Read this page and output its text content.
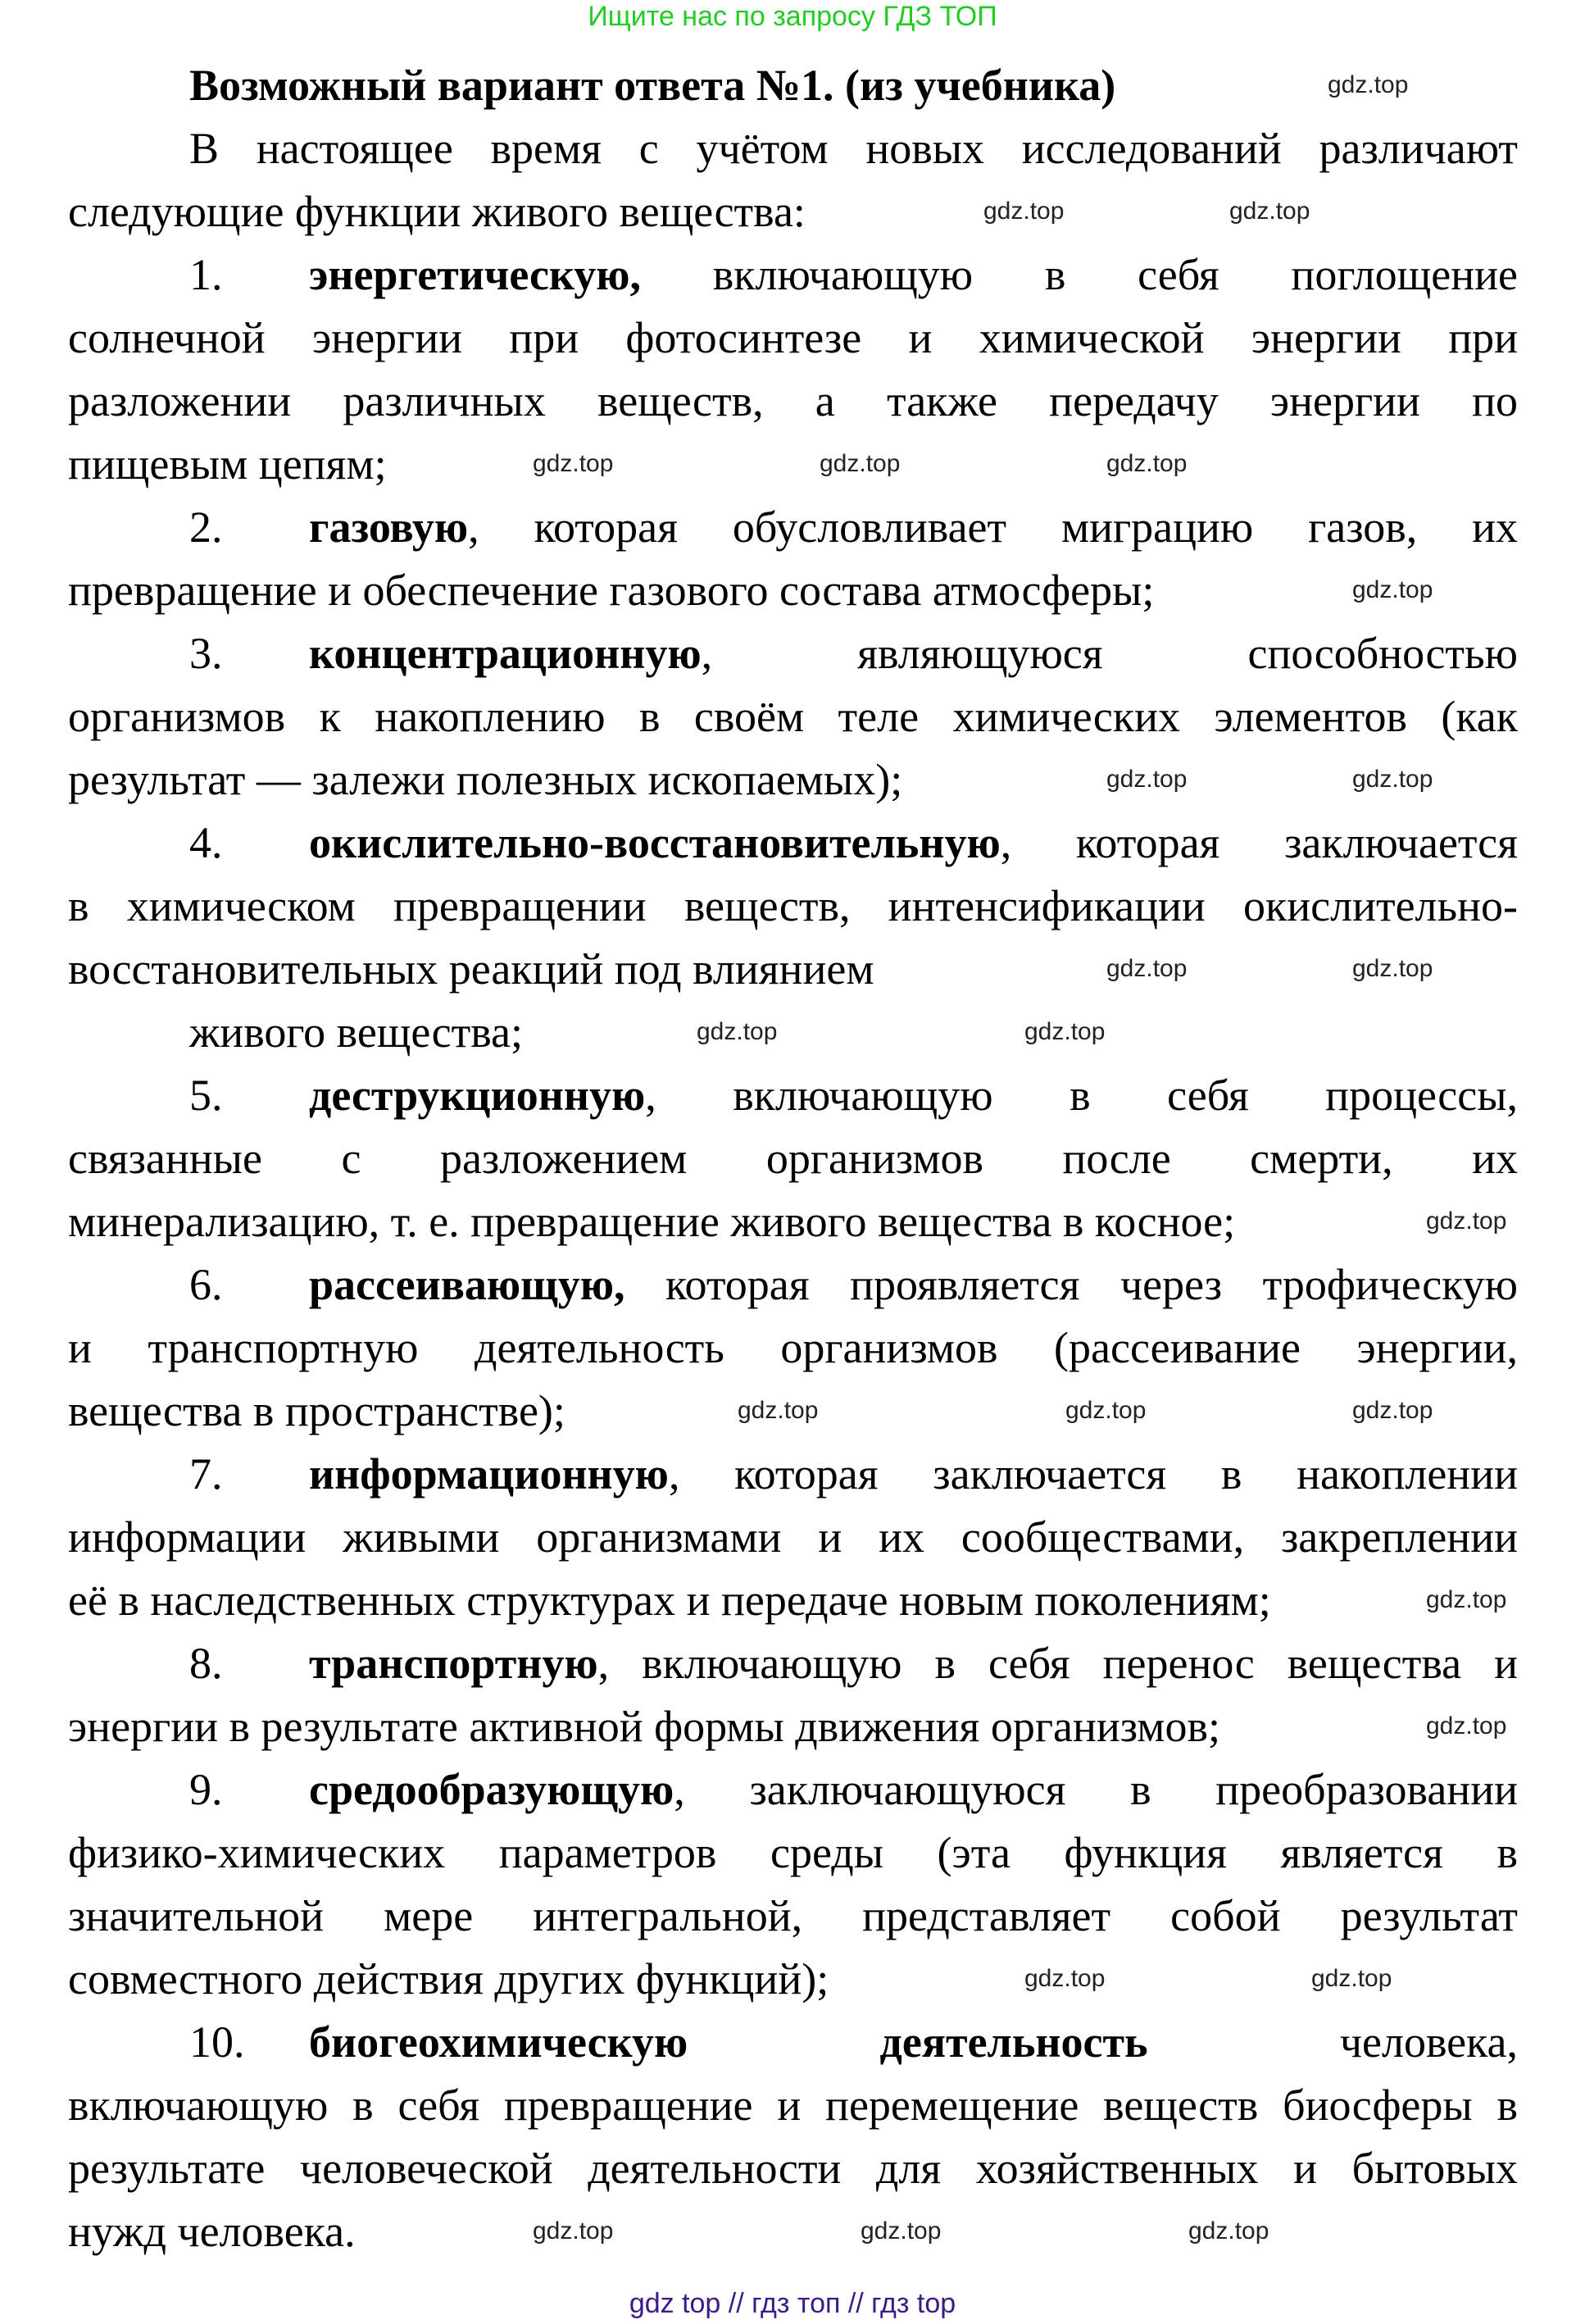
Ищите нас по запросу ГДЗ ТОП
Возможный вариант ответа №1. (из учебника)
В настоящее время с учётом новых исследований различают
следующие функции живого вещества:
1. энергетическую, включающую в себя поглощение
солнечной энергии при фотосинтезе и химической энергии при
разложении различных веществ, а также передачу энергии по
пищевым цепям;
2. газовую, которая обусловливает миграцию газов, их
превращение и обеспечение газового состава атмосферы;
3. концентрационную, являющуюся способностью
организмов к накоплению в своём теле химических элементов (как
результат — залежи полезных ископаемых);
4. окислительно-восстановительную, которая заключается
в химическом превращении веществ, интенсификации окислительно-
восстановительных реакций под влиянием
живого вещества;
5. деструкционную, включающую в себя процессы,
связанные с разложением организмов после смерти, их
минерализацию, т. е. превращение живого вещества в косное;
6. рассеивающую, которая проявляется через трофическую
и транспортную деятельность организмов (рассеивание энергии,
вещества в пространстве);
7. информационную, которая заключается в накоплении
информации живыми организмами и их сообществами, закреплении
её в наследственных структурах и передаче новым поколениям;
8. транспортную, включающую в себя перенос вещества и
энергии в результате активной формы движения организмов;
9. средообразующую, заключающуюся в преобразовании
физико-химических параметров среды (эта функция является в
значительной мере интегральной, представляет собой результат
совместного действия других функций);
10. биогеохимическую	деятельность человека,
включающую в себя превращение и перемещение веществ биосферы в
результате человеческой деятельности для хозяйственных и бытовых
нужд человека.
gdz.top
gdz.top	gdz.top
gdz.top	gdz.top	gdz.top
gdz.top
gdz.top	gdz.top
gdz.top	gdz.top
gdz.top	gdz.top
gdz.top
gdz.top	gdz.top	gdz.top
gdz.top
gdz.top
gdz.top	gdz.top
gdz.top	gdz.top	gdz.top
gdz top // гдз топ // гдз top
